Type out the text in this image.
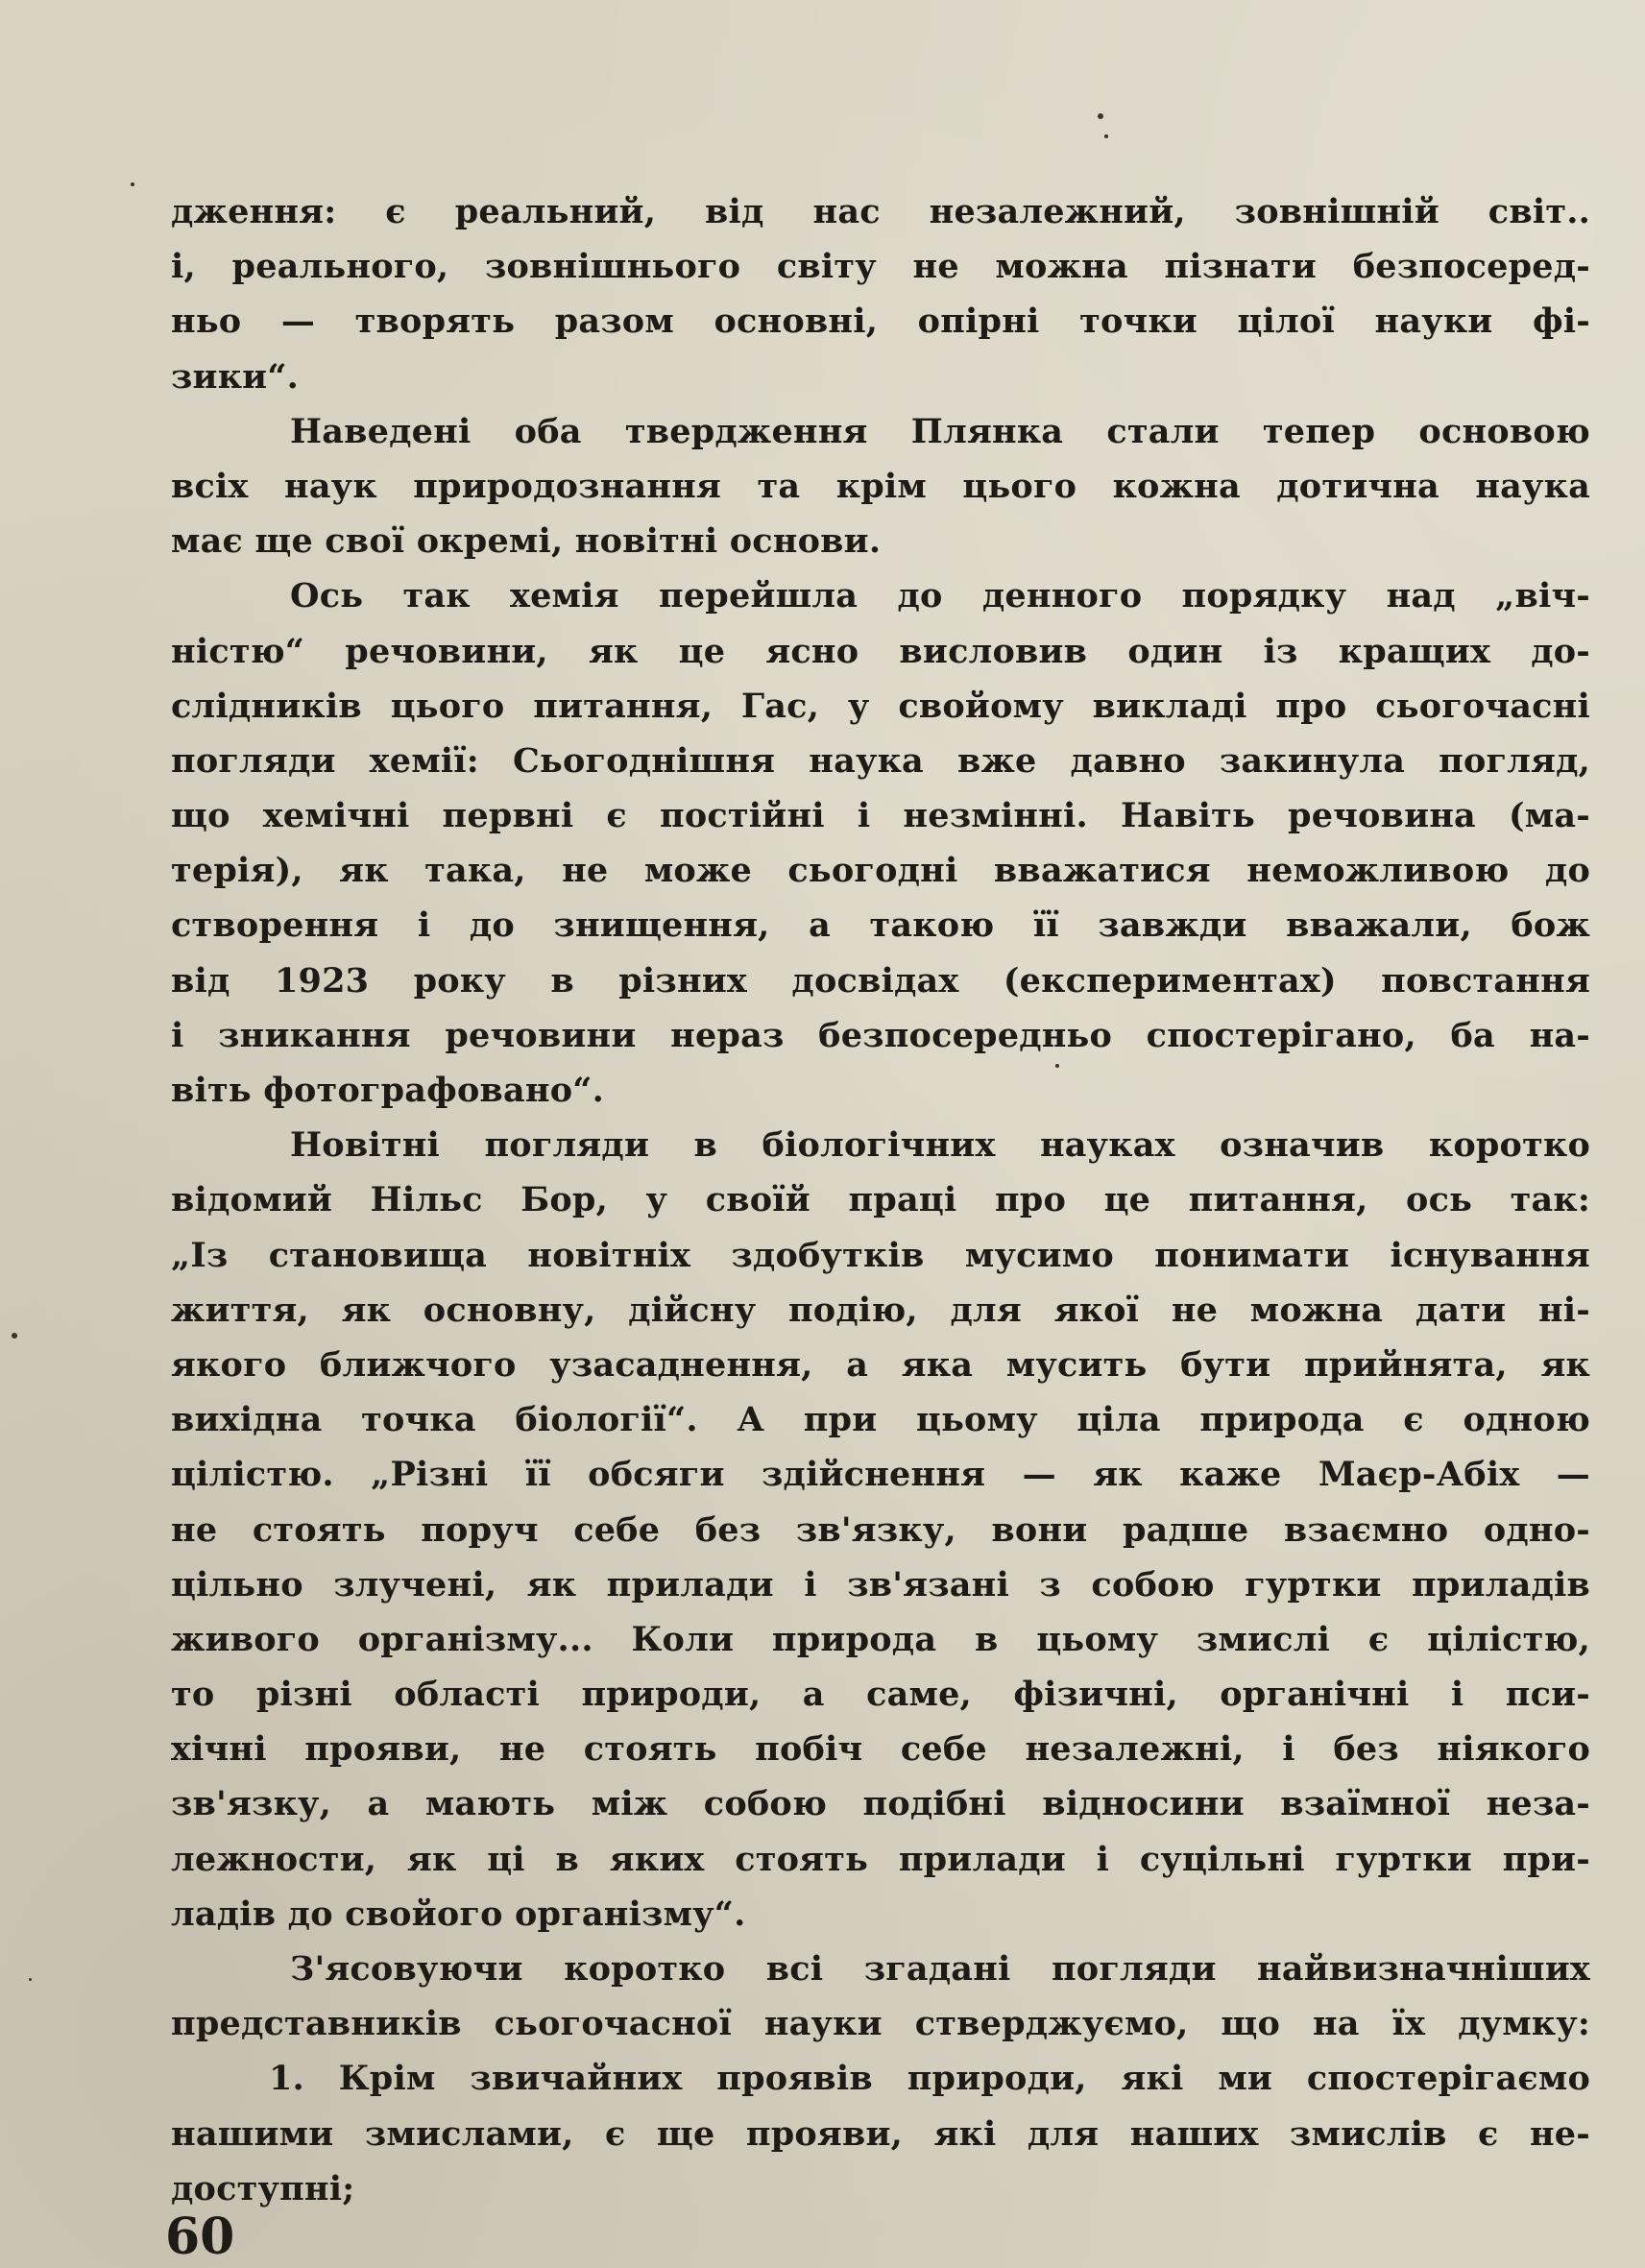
дження: є реальний, від нас незалежний, зовнішній світ..
і, реального, зовнішнього світу не можна пізнати безпосеред-
ньо — творять разом основні, опірні точки цілої науки фі-
зики“.
Наведені оба твердження Плянка стали тепер основою
всіх наук природознання та крім цього кожна дотична наука
має ще свої окремі, новітні основи.
Ось так хемія перейшла до денного порядку над „віч-
ністю“ речовини, як це ясно висловив один із кращих до-
слідників цього питання, Гас, у свойому викладі про сьогочасні
погляди хемії: Сьогоднішня наука вже давно закинула погляд,
що хемічні первні є постійні і незмінні. Навіть речовина (ма-
терія), як така, не може сьогодні вважатися неможливою до
створення і до знищення, а такою її завжди вважали, бож
від 1923 року в різних досвідах (експериментах) повстання
і зникання речовини нераз безпосередньо спостерігано, ба на-
віть фотографовано“.
Новітні погляди в біологічних науках означив коротко
відомий Нільс Бор, у своїй праці про це питання, ось так:
„Із становища новітніх здобутків мусимо понимати існування
життя, як основну, дійсну подію, для якої не можна дати ні-
якого ближчого узасаднення, а яка мусить бути прийнята, як
вихідна точка біології“. А при цьому ціла природа є одною
цілістю. „Різні її обсяги здійснення — як каже Маєр-Абіх —
не стоять поруч себе без зв'язку, вони радше взаємно одно-
цільно злучені, як прилади і зв'язані з собою гуртки приладів
живого організму... Коли природа в цьому змислі є цілістю,
то різні області природи, а саме, фізичні, органічні і пси-
хічні прояви, не стоять побіч себе незалежні, і без ніякого
зв'язку, а мають між собою подібні відносини взаїмної неза-
лежности, як ці в яких стоять прилади і суцільні гуртки при-
ладів до свойого організму“.
З'ясовуючи коротко всі згадані погляди найвизначніших
представників сьогочасної науки стверджуємо, що на їх думку:
1. Крім звичайних проявів природи, які ми спостерігаємо
нашими змислами, є ще прояви, які для наших змислів є не-
доступні;
60
